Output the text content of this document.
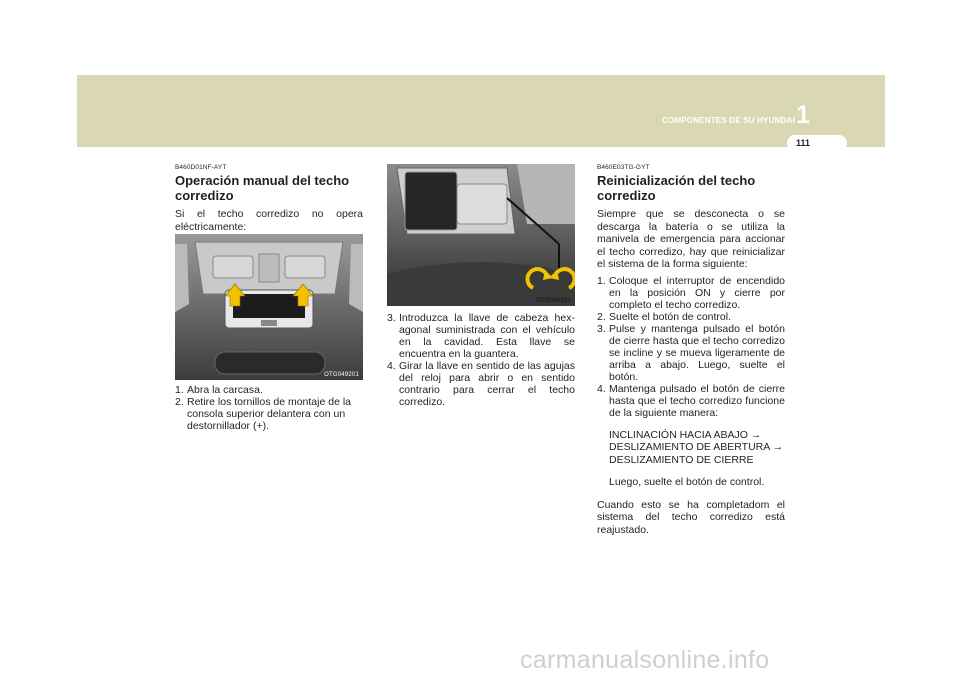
COMPONENTES DE SU HYUNDAI 1
111
B460D01NF-AYT
Operación manual del techo corredizo

Si el techo corredizo no opera eléctricamente:

OTG049201
1. Abra la carcasa.
2. Retire los tornillos de montaje de la consola superior delantera con un destornillador (+).
OTG049200
3. Introduzca la llave de cabeza hex-agonal suministrada con el vehículo en la cavidad. Esta llave se encuentra en la guantera.
4. Girar la llave en sentido de las agujas del reloj para abrir o en sentido contrario para cerrar el techo corredizo.
B460E03TG-GYT
Reinicialización del techo corredizo

Siempre que se desconecta o se descarga la batería o se utiliza la manivela de emergencia para accionar el techo corredizo, hay que reinicializar el sistema de la forma siguiente:

1. Coloque el interruptor de encendido en la posición ON y cierre por completo el techo corredizo.
2. Suelte el botón de control.
3. Pulse y mantenga pulsado el botón de cierre hasta que el techo corredizo se incline y se mueva ligeramente de arriba a abajo. Luego, suelte el botón.
4. Mantenga pulsado el botón de cierre hasta que el techo corredizo funcione de la siguiente manera:
INCLINACIÓN HACIA ABAJO → DESLIZAMIENTO DE ABERTURA → DESLIZAMIENTO DE CIERRE
Luego, suelte el botón de control.

Cuando esto se ha completadom el sistema del techo corredizo está reajustado.

carmanualsonline.info
